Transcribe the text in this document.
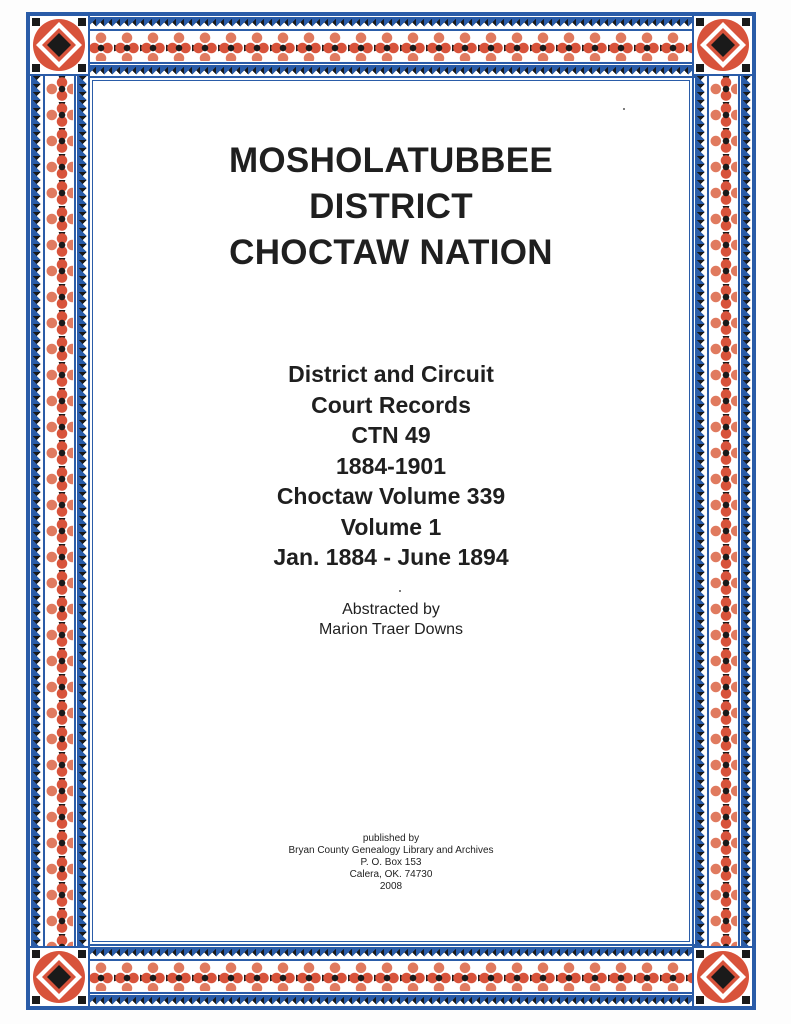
MOSHOLATUBBEE
DISTRICT
CHOCTAW NATION
District and Circuit
Court Records
CTN 49
1884-1901
Choctaw Volume 339
Volume 1
Jan. 1884 - June 1894
Abstracted by
Marion Traer Downs
published by
Bryan County Genealogy Library and Archives
P. O. Box 153
Calera, OK. 74730
2008
